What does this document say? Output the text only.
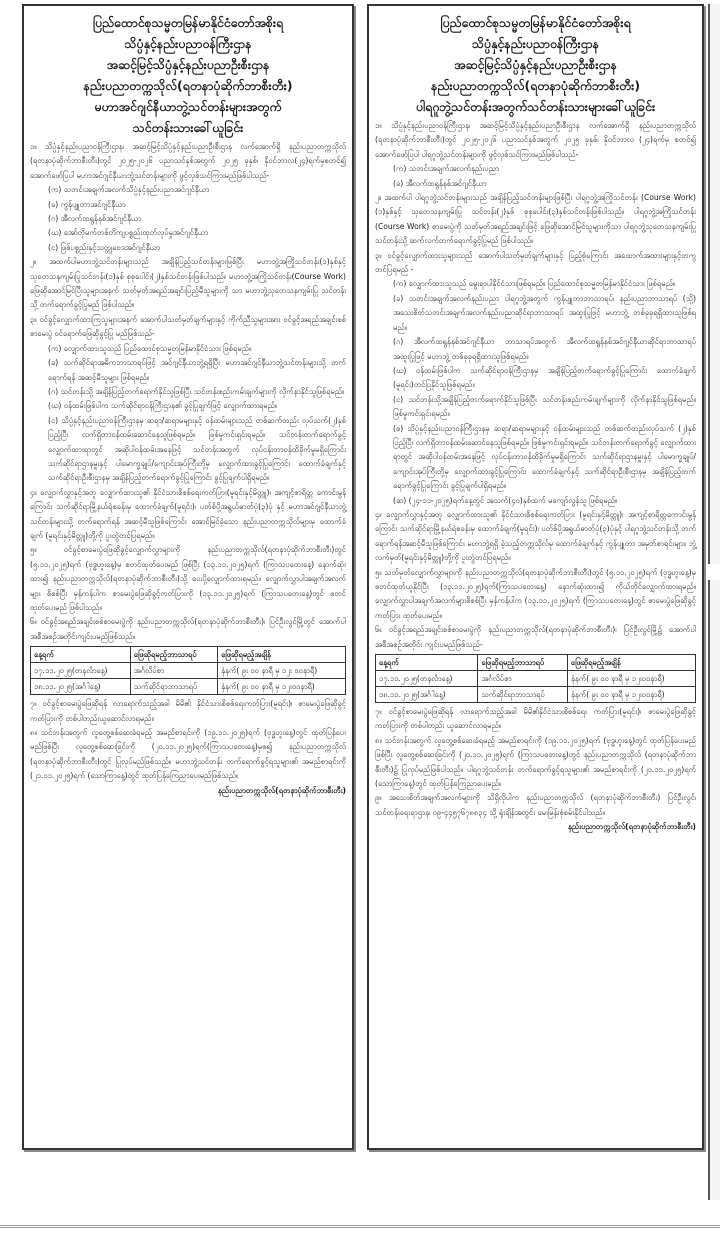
ပြည်ထောင်စုသမ္မတမြန်မာနိုင်ငံတော်အစိုးရ
သိပ္ပံနှင့်နည်းပညာဝန်ကြီးဌာန
အဆင့်မြင့်သိပ္ပံနှင့်နည်းပညာဦးစီးဌာန
နည်းပညာတက္ကသိုလ်(ရတနာပုံဆိုက်ဘာစီးတီး)
မဟာအင်ဂျင်နီယာဘွဲ့သင်တန်းများအတွက်
သင်တန်းသားခေါ်ယူခြင်း

၁။ သိပ္ပံနှင့်နည်းပညာဝန်ကြီးဌာန၊ အဆင့်မြင့်သိပ္ပံနှင့်နည်းပညာဦးစီးဌာန လက်အောက်ရှိ နည်းပညာတက္ကသိုလ် (ရတနာပုံဆိုက်ဘာစီးတီး)တွင် ၂၀၂၅-၂၀၂၆ ပညာသင်နှစ်အတွက် ၂၀၂၅ ခုနှစ်၊ နိုဝင်ဘာလ(၂၄)ရက်မှစတင်၍ အောက်ဖော်ပြပါ မဟာအင်ဂျင်နီယာဘွဲ့သင်တန်းများကို ဖွင့်လှစ်သင်ကြားမည်ဖြစ်ပါသည်-

(က) သတင်းအချက်အလက်သိပ္ပံနှင့်နည်းပညာအင်ဂျင်နီယာ

(ခ) ကွန်ပျူတာအင်ဂျင်နီယာ

(ဂ) အီလက်ထရွန်နစ်အင်ဂျင်နီယာ

(ဃ) အော်တိုမက်တစ်တိကျပစ္စည်းထုတ်လုပ်မှုအင်ဂျင်နီယာ

(င) ဖြစ်ပစ္စည်းနှင့်သတ္တုဗေဒအင်ဂျင်နီယာ

၂။ အထက်ပါမဟာဘွဲ့သင်တန်းများသည် အချိန်ပြည့်သင်တန်းများဖြစ်ပြီး မဟာဘွဲ့အကြိုသင်တန်း(၁)နှစ်နှင့် သုတေသနကျမ်းပြုသင်တန်း(၁)နှစ် စုစုပေါင်း(၂)နှစ်သင်တန်းဖြစ်ပါသည်။ မဟာဘွဲ့အကြိုသင်တန်း(Course Work) ဖြေဆိုအောင်မြင်ပြီးသူများအနက် သတ်မှတ်အရည်အချင်းပြည့်မီသူများကို သာ မဟာဘွဲ့သုတေသနကျမ်းပြု သင်တန်းသို့ တက်ရောက်ခွင့်ပြုမည် ဖြစ်ပါသည်။

၃။ ဝင်ခွင့်လျှောက်ထားကြသူများအနက် အောက်ပါသတ်မှတ်ချက်များနှင့် ကိုက်ညီသူများအား ဝင်ခွင့်အရည်အချင်းစစ် စာမေးပွဲ ဝင်ရောက်ဖြေဆိုခွင့်ပြု မည်ဖြစ်သည်-

(က) လျှောက်ထားသူသည် ပြည်ထောင်စုသမ္မတမြန်မာနိုင်ငံသား ဖြစ်ရမည်။

(ခ) သက်ဆိုင်ရာအဓိကဘာသာရပ်ဖြင့် အင်ဂျင်နီယာဘွဲ့ရရှိပြီး မဟာအင်ဂျင်နီယာဘွဲ့သင်တန်းများသို့ တက်ရောက်ရန် အဆင့်မီသူများ ဖြစ်ရမည်။

(ဂ) သင်တန်းသို့ အချိန်ပြည့်တက်ရောက်နိုင်သူဖြစ်ပြီး သင်တန်းစည်းကမ်းချက်များကို လိုက်နာနိုင်သူဖြစ်ရမည်။

(ဃ) ဝန်ထမ်းဖြစ်ပါက သက်ဆိုင်ရာဝန်ကြီးဌာန၏ ခွင့်ပြုချက်ဖြင့် လျှောက်ထားရမည်။

(င) သိပ္ပံနှင့်နည်းပညာဝန်ကြီးဌာနမှ ဆရာ/ဆရာမများနှင့် ဝန်ထမ်းများသည် တစ်ဆက်တည်း လုပ်သက်(၂)နှစ်ပြည့်ပြီး လက်ရှိတာဝန်ထမ်းဆောင်နေသူဖြစ်ရမည်။ ဖြစ်မှုကင်းရှင်းရမည်။ သင်တန်းတက်ရောက်ခွင့် လျှောက်ထားရာတွင် အဆိုပါဝန်ထမ်းအနေဖြင့် သင်တန်းအတွက် လုပ်ငန်းတာဝန်ထိခိုက်မှုမရှိကြောင်း သက်ဆိုင်ရာဌာနမှူးနှင့် ပါမောက္ခချုပ်/ကျောင်းအုပ်ကြီးတို့မှ လျှောက်ထားခွင့်ပြုကြောင်း ထောက်ခံချက်နှင့် သက်ဆိုင်ရာဦးစီးဌာနမှ အချိန်ပြည့်တက်ရောက်ခွင့်ပြုကြောင်း ခွင့်ပြုချက်ပါရှိရမည်။

၄။ လျှောက်လွှာနှင့်အတူ လျှောက်ထားသူ၏ နိုင်ငံသားစိစစ်ရေးကတ်ပြား(မူရင်းနှင့်မိတ္တူ)၊ အကျင့်စာရိတ္တ ကောင်းမွန်ကြောင်း သက်ဆိုင်ရာမြို့နယ်ရဲစခန်းမှ ထောက်ခံချက်(မူရင်း)၊ ပတ်စ်ပို့အရွယ်ဓာတ်ပုံ(၃)ပုံ နှင့် မဟာအင်ဂျင်နီယာဘွဲ့သင်တန်းများသို့ တက်ရောက်ရန် အဆင့်မီသူဖြစ်ကြောင်း အောင်မြင်ခဲ့သော နည်းပညာတက္ကသိုလ်များမှ ထောက်ခံချက် (မူရင်းနှင့်မိတ္တူ)တို့ကို ပူးတွဲတင်ပြရမည်။

၅။ ဝင်ခွင့်စာမေးပွဲဖြေဆိုခွင့်လျှောက်လွှာများကို နည်းပညာတက္ကသိုလ်(ရတနာပုံဆိုက်ဘာစီးတီး)တွင် (၅.၁၁.၂၀၂၅)ရက် (ဗုဒ္ဓဟူးနေ့)မှ စတင်ထုတ်ပေးမည် ဖြစ်ပြီး (၁၃.၁၁.၂၀၂၅)ရက် (ကြာသပတေးနေ့) နောက်ဆုံးထား၍ နည်းပညာတက္ကသိုလ်(ရတနာပုံဆိုက်ဘာစီးတီး)သို့ ပေးပို့လျှောက်ထားရမည်။ လျှောက်လွှာပါအချက်အလက်များ စိစစ်ပြီး မှန်ကန်ပါက စာမေးပွဲဖြေဆိုခွင့်ကတ်ပြားကို (၁၃.၁၁.၂၀၂၅)ရက် (ကြာသပတေးနေ့)တွင် စတင်ထုတ်ပေးမည် ဖြစ်ပါသည်။

၆။ ဝင်ခွင့်အရည်အချင်းစစ်စာမေးပွဲကို နည်းပညာတက္ကသိုလ်(ရတနာပုံဆိုက်ဘာစီးတီး)၊ ပြင်ဦးလွင်မြို့တွင် အောက်ပါအစီအစဉ်အတိုင်းကျင်းပမည်ဖြစ်သည်။

နေ့ရက်	ဖြေဆိုရမည့်ဘာသာရပ်	ဖြေဆိုရမည့်အချိန်
၁၇.၁၁.၂၀၂၅(တနင်္လာနေ့)	အင်္ဂလိပ်စာ	နံနက်( ၉း ၀၀ နာရီ မှ ၁၂း ၀၀နာရီ)
၁၈.၁၁.၂၀၂၅(အင်္ဂါနေ့)	သက်ဆိုင်ရာဘာသာရပ်	နံနက်( ၉း ၀၀ နာရီ မှ ၁၂း၀၀နာရီ)

၇။ ဝင်ခွင့်စာမေးပွဲဖြေဆိုရန် လာရောက်သည့်အခါ မိမိ၏ နိုင်ငံသားစိစစ်ရေးကတ်ပြား(မူရင်း)၊ စာမေးပွဲဖြေဆိုခွင့်ကတ်ပြားကို တစ်ပါတည်းယူဆောင်လာရမည်။

၈။ သင်တန်းအတွက် လူတွေ့စစ်ဆေးခံရမည့် အမည်စာရင်းကို (၁၉.၁၁.၂၀၂၅)ရက် (ဗုဒ္ဓဟူးနေ့)တွင် ထုတ်ပြန်ပေးမည်ဖြစ်ပြီး လူတွေ့စစ်ဆေးခြင်းကို (၂၀.၁၁.၂၀၂၅)ရက်(ကြာသပတေးနေ့)မှစ၍ နည်းပညာတက္ကသိုလ် (ရတနာပုံဆိုက်ဘာစီးတီး)တွင် ပြုလုပ်မည်ဖြစ်သည်။ မဟာဘွဲ့သင်တန်း တက်ရောက်ခွင့်ရသူများ၏ အမည်စာရင်းကို (၂၁.၁၁.၂၀၂၅)ရက် (သောကြာနေ့)တွင် ထုတ်ပြန်ကြေညာပေးမည်ဖြစ်သည်။

နည်းပညာတက္ကသိုလ်(ရတနာပုံဆိုက်ဘာစီးတီး)

ပြည်ထောင်စုသမ္မတမြန်မာနိုင်ငံတော်အစိုးရ
သိပ္ပံနှင့်နည်းပညာဝန်ကြီးဌာန
အဆင့်မြင့်သိပ္ပံနှင့်နည်းပညာဦးစီးဌာန
နည်းပညာတက္ကသိုလ်(ရတနာပုံဆိုက်ဘာစီးတီး)
ပါရဂူဘွဲ့သင်တန်းအတွက်သင်တန်းသားများခေါ်ယူခြင်း

၁။ သိပ္ပံနှင့်နည်းပညာဝန်ကြီးဌာန၊ အဆင့်မြင့်သိပ္ပံနှင့်နည်းပညာဦးစီးဌာန လက်အောက်ရှိ နည်းပညာတက္ကသိုလ် (ရတနာပုံဆိုက်ဘာစီးတီး)တွင် ၂၀၂၅-၂၀၂၆ ပညာသင်နှစ်အတွက် ၂၀၂၅ ခုနှစ်၊ နိုဝင်ဘာလ (၂၄)ရက်မှ စတင်၍ အောက်ဖော်ပြပါ ပါရဂူဘွဲ့သင်တန်းများကို ဖွင့်လှစ်သင်ကြားမည်ဖြစ်ပါသည်-

(က) သတင်းအချက်အလက်နည်းပညာ

(ခ) အီလက်ထရွန်နစ်အင်ဂျင်နီယာ

၂။ အထက်ပါ ပါရဂူဘွဲ့သင်တန်းများသည် အချိန်ပြည့်သင်တန်းများဖြစ်ပြီး ပါရဂူဘွဲ့အကြိုသင်တန်း (Course Work) (၁)နှစ်နှင့် သုတေသနကျမ်းပြု သင်တန်း(၂)နှစ် စုစုပေါင်း(၃)နှစ်သင်တန်းဖြစ်ပါသည်။ ပါရဂူဘွဲ့အကြိုသင်တန်း (Course Work) စာမေးပွဲကို သတ်မှတ်အရည်အချင်းဖြင့် ဖြေဆိုအောင်မြင်သူများကိုသာ ပါရဂူဘွဲ့သုတေသနကျမ်းပြု သင်တန်းသို့ ဆက်လက်တက်ရောက်ခွင့်ပြုမည် ဖြစ်ပါသည်။

၃။ ဝင်ခွင့်လျှောက်ထားသူများသည် အောက်ပါသတ်မှတ်ချက်များနှင့် ပြည့်စုံကြောင်း အထောက်အထားများနှင့်တကွ တင်ပြရမည် -

(က) လျှောက်ထားသူသည် မွေးရာပါနိုင်ငံသားဖြစ်ရမည်။ ပြည်ထောင်စုသမ္မတမြန်မာနိုင်ငံသား ဖြစ်ရမည်။

(ခ) သတင်းအချက်အလက်နည်းပညာ ပါရဂူဘွဲ့အတွက် ကွန်ပျူတာဘာသာရပ်၊ နည်းပညာဘာသာရပ် (သို့) အသေးစိတ်သတင်းအချက်အလက်နည်းပညာဆိုင်ရာဘာသာရပ် အထူးပြုဖြင့် မဟာဘွဲ့ တစ်ခုခုရရှိထားသူဖြစ်ရမည်။

(ဂ) အီလက်ထရွန်နစ်အင်ဂျင်နီယာ ဘာသာရပ်အတွက် အီလက်ထရွန်နစ်အင်ဂျင်နီယာဆိုင်ရာဘာသာရပ် အထူးပြုဖြင့် မဟာဘွဲ့ တစ်ခုခုရရှိထားသူဖြစ်ရမည်။

(ဃ) ဝန်ထမ်းဖြစ်ပါက သက်ဆိုင်ရာဝန်ကြီးဌာနမှ အချိန်ပြည့်တက်ရောက်ခွင့်ပြုကြောင်း ထောက်ခံချက် (မူရင်း)တင်ပြနိုင်သူဖြစ်ရမည်။

(င) သင်တန်းသို့အချိန်ပြည့်တက်ရောက်နိုင်သူဖြစ်ပြီး သင်တန်းစည်းကမ်းချက်များကို လိုက်နာနိုင်သူဖြစ်ရမည်။ ဖြစ်မှုကင်းရှင်းရမည်။

(စ) သိပ္ပံနှင့်နည်းပညာဝန်ကြီးဌာနမှ ဆရာ/ဆရာမများနှင့် ဝန်ထမ်းများသည် တစ်ဆက်တည်းလုပ်သက် (၂)နှစ် ပြည့်ပြီး လက်ရှိတာဝန်ထမ်းဆောင်နေသူဖြစ်ရမည်။ ဖြစ်မှုကင်းရှင်းရမည်။ သင်တန်းတက်ရောက်ခွင့် လျှောက်ထားရာတွင် အဆိုပါဝန်ထမ်းအနေဖြင့် လုပ်ငန်းတာဝန်ထိခိုက်မှုမရှိကြောင်း သက်ဆိုင်ရာဌာနမှူးနှင့် ပါမောက္ခချုပ်/ကျောင်းအုပ်ကြီးတို့မှ လျှောက်ထားခွင့်ပြုကြောင်း ထောက်ခံချက်နှင့် သက်ဆိုင်ရာဦးစီးဌာနမှ အချိန်ပြည့်တက်ရောက်ခွင့်ပြုကြောင်း ခွင့်ပြုချက်ပါရှိရမည်။

(ဆ) (၂၄-၁၁-၂၀၂၅)ရက်နေ့တွင် အသက်(၄၀)နှစ်ထက် မကျော်လွန်သူ ဖြစ်ရမည်။

၄။ လျှောက်လွှာနှင့်အတူ လျှောက်ထားသူ၏ နိုင်ငံသားစိစစ်ရေးကတ်ပြား (မူရင်းနှင့်မိတ္တူ)၊ အကျင့်စာရိတ္တကောင်းမွန် ကြောင်း သက်ဆိုင်ရာမြို့နယ်ရဲစခန်းမှ ထောက်ခံချက်(မူရင်း)၊ ပတ်စ်ပို့အရွယ်ဓာတ်ပုံ(၃)ပုံနှင့် ပါရဂူဘွဲ့သင်တန်းသို့ တက်ရောက်ရန်အဆင့်မီသူဖြစ်ကြောင်း မဟာဘွဲ့ရရှိ ခဲ့သည့်တက္ကသိုလ်မှ ထောက်ခံချက်နှင့် ကွန်ပျူတာ အမှတ်စာရင်းများ၊ ဘွဲ့လက်မှတ်(မူရင်းနှင့်မိတ္တူ)တို့ကို ပူးတွဲတင်ပြရမည်။

၅။ သတ်မှတ်လျှောက်လွှာများကို နည်းပညာတက္ကသိုလ်(ရတနာပုံဆိုက်ဘာစီးတီး)တွင် (၅.၁၁.၂၀၂၅)ရက် (ဗုဒ္ဓဟူးနေ့)မှ စတင်ထုတ်ယူနိုင်ပြီး (၁၃.၁၁.၂၀၂၅)ရက်(ကြာသပတေးနေ့) နောက်ဆုံးထား၍ ကိုယ်တိုင်လျှောက်ထားရမည်။ လျှောက်လွှာပါအချက်အလက်များစိစစ်ပြီး မှန်ကန်ပါက (၁၃.၁၁.၂၀၂၅)ရက် (ကြာသပတေးနေ့)တွင် စာမေးပွဲဖြေဆိုခွင့်ကတ်ပြား ထုတ်ပေးမည်။

၆။ ဝင်ခွင့်အရည်အချင်းစစ်စာမေးပွဲကို နည်းပညာတက္ကသိုလ်(ရတနာပုံဆိုက်ဘာစီးတီး)၊ ပြင်ဦးလွင်မြို့၌ အောက်ပါအစီအစဉ်အတိုင်း ကျင်းပမည်ဖြစ်သည်-

နေ့ရက်	ဖြေဆိုရမည့်ဘာသာရပ်	ဖြေဆိုရမည့်အချိန်
၁၇.၁၁.၂၀၂၅(တနင်္လာနေ့)	အင်္ဂလိပ်စာ	နံနက်( ၉း ၀၀ နာရီ မှ ၁၂း၀၀နာရီ)
၁၈.၁၁.၂၀၂၅(အင်္ဂါနေ့)	သက်ဆိုင်ရာဘာသာရပ်	နံနက်( ၉း ၀၀ နာရီ မှ ၁၂း၀၀နာရီ)

၇။ ဝင်ခွင့်စာမေးပွဲဖြေဆိုရန် လာရောက်သည့်အခါ မိမိ၏နိုင်ငံသားစိစစ်ရေး ကတ်ပြား(မူရင်း)၊ စာမေးပွဲဖြေဆိုခွင့်ကတ်ပြားကို တစ်ပါတည်း ယူဆောင်လာရမည်။

၈။ သင်တန်းအတွက် လူတွေ့စစ်ဆေးခံရမည့် အမည်စာရင်းကို (၁၉.၁၁.၂၀၂၅)ရက် (ဗုဒ္ဓဟူးနေ့)တွင် ထုတ်ပြန်ပေးမည်ဖြစ်ပြီး လူတွေ့စစ်ဆေးခြင်းကို (၂၀.၁၁.၂၀၂၅)ရက် (ကြာသပတေးနေ့)တွင် နည်းပညာတက္ကသိုလ် (ရတနာပုံဆိုက်ဘာစီးတီး)၌ ပြုလုပ်မည်ဖြစ်ပါသည်။ ပါရဂူဘွဲ့သင်တန်း တက်ရောက်ခွင့်ရသူများ၏ အမည်စာရင်းကို (၂၁.၁၁.၂၀၂၅)ရက် (သောကြာနေ့)တွင် ထုတ်ပြန်ကြေညာပေးမည်။

၉။ အသေးစိတ်အချက်အလက်များကို သိရှိလိုပါက နည်းပညာတက္ကသိုလ် (ရတနာပုံဆိုက်ဘာစီးတီး) ပြင်ဦးလွင်၊ သင်တန်းရေးရာဌာန၊ ၀၉-၄၄၅၇၆၇၈၈၃၄ သို့ ရုံးချိန်အတွင်း မေးမြန်းစုံစမ်းနိုင်ပါသည်။

နည်းပညာတက္ကသိုလ်(ရတနာပုံဆိုက်ဘာစီးတီး)
